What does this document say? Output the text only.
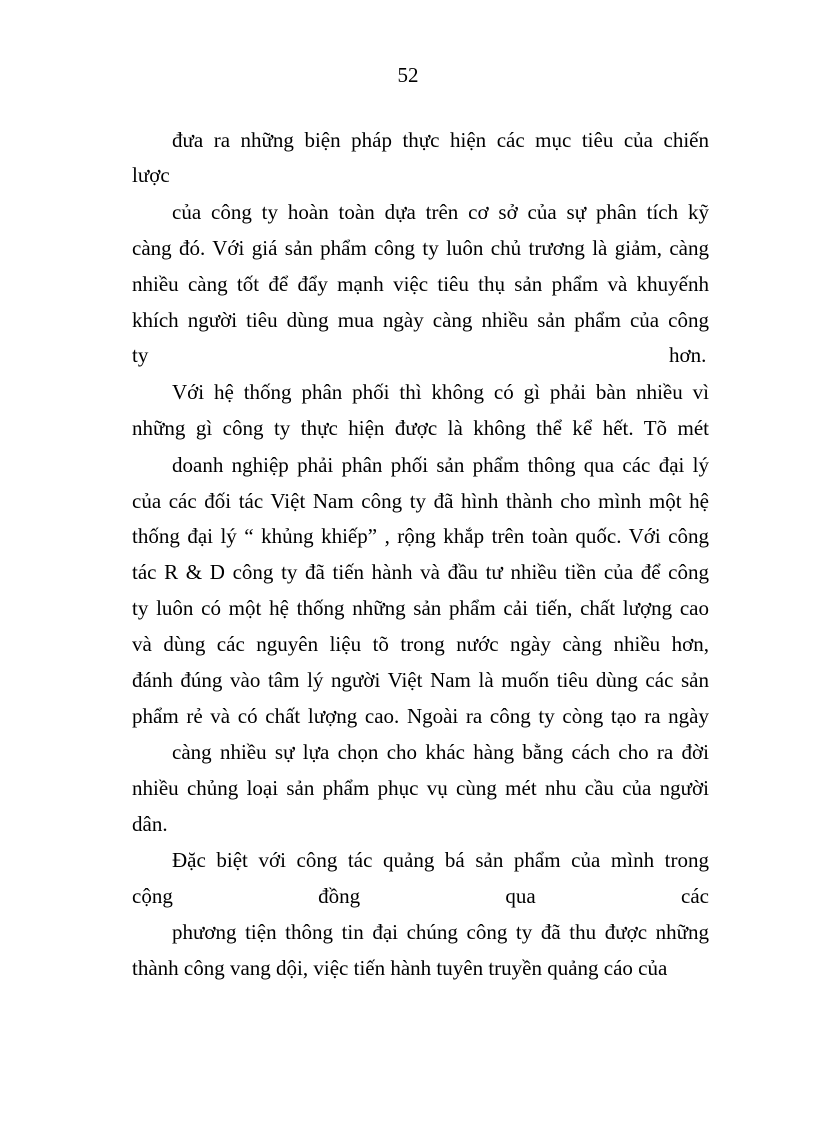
52
đưa ra những biện pháp thực hiện các mục tiêu của chiến
lược
của công ty hoàn toàn dựa trên cơ sở của sự phân tích kỹ
càng đó. Với giá sản phẩm công ty luôn chủ trương là giảm, càng
nhiều càng tốt để đẩy mạnh việc tiêu thụ sản phẩm và khuyếnh
khích người tiêu dùng mua ngày càng nhiều sản phẩm của công
ty	hơn.
Với hệ thống phân phối thì không có gì phải bàn nhiều vì
những gì công ty thực hiện được là không thể kể hết. Tõ mét
doanh nghiệp phải phân phối sản phẩm thông qua các đại lý
của các đối tác Việt Nam công ty đã hình thành cho mình một hệ
thống đại lý “ khủng khiếp” , rộng khắp trên toàn quốc. Với công
tác R & D công ty đã tiến hành và đầu tư nhiều tiền của để công
ty luôn có một hệ thống những sản phẩm cải tiến, chất lượng cao
và dùng các nguyên liệu tõ trong nước ngày càng nhiều hơn,
đánh đúng vào tâm lý người Việt Nam là muốn tiêu dùng các sản
phẩm rẻ và có chất lượng cao. Ngoài ra công ty còng tạo ra ngày
càng nhiều sự lựa chọn cho khác hàng bằng cách cho ra đời
nhiều chủng loại sản phẩm phục vụ cùng mét nhu cầu của người
dân.
Đặc biệt với công tác quảng bá sản phẩm của mình trong
cộng đồng qua các
phương tiện thông tin đại chúng công ty đã thu được những
thành công vang dội, việc tiến hành tuyên truyền quảng cáo của
